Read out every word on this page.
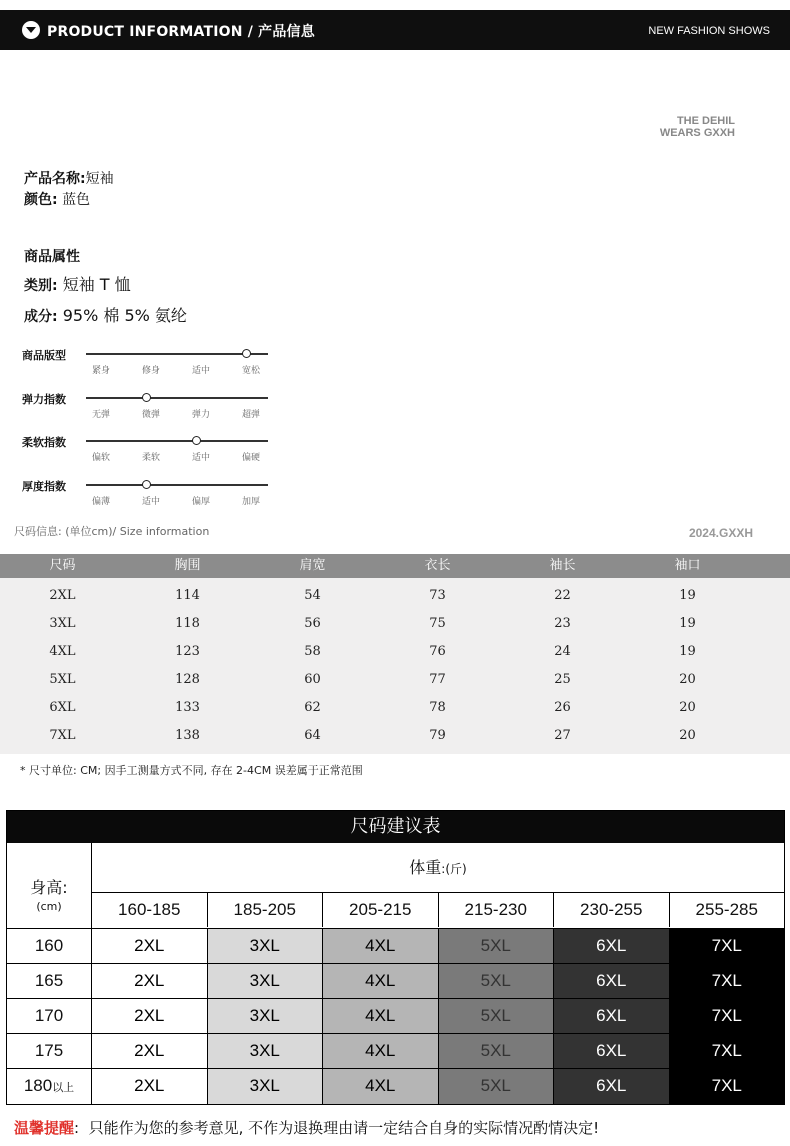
PRODUCT INFORMATION / 产品信息	NEW FASHION SHOWS
THE DEHIL
WEARS GXXH
产品名称:短袖
颜色: 蓝色
商品属性
类别: 短袖 T 恤
成分: 95% 棉 5% 氨纶
商品版型
紧身	修身	适中	宽松
弹力指数
无弹	微弹	弹力	超弹
柔软指数
偏软	柔软	适中	偏硬
厚度指数
偏薄	适中	偏厚	加厚
尺码信息: (单位cm)/ Size information	2024.GXXH
尺码	胸围	肩宽	衣长	袖长	袖口
2XL	114	54	73	22	19
3XL	118	56	75	23	19
4XL	123	58	76	24	19
5XL	128	60	77	25	20
6XL	133	62	78	26	20
7XL	138	64	79	27	20
* 尺寸单位: CM; 因手工测量方式不同, 存在 2-4CM 误差属于正常范围
尺码建议表
身高:
(cm)
体重:(斤)
160-185	185-205	205-215	215-230	230-255	255-285
160	2XL	3XL	4XL	5XL	6XL	7XL
165	2XL	3XL	4XL	5XL	6XL	7XL
170	2XL	3XL	4XL	5XL	6XL	7XL
175	2XL	3XL	4XL	5XL	6XL	7XL
180以上	2XL	3XL	4XL	5XL	6XL	7XL
温馨提醒: 只能作为您的参考意见, 不作为退换理由请一定结合自身的实际情况酌情决定!
